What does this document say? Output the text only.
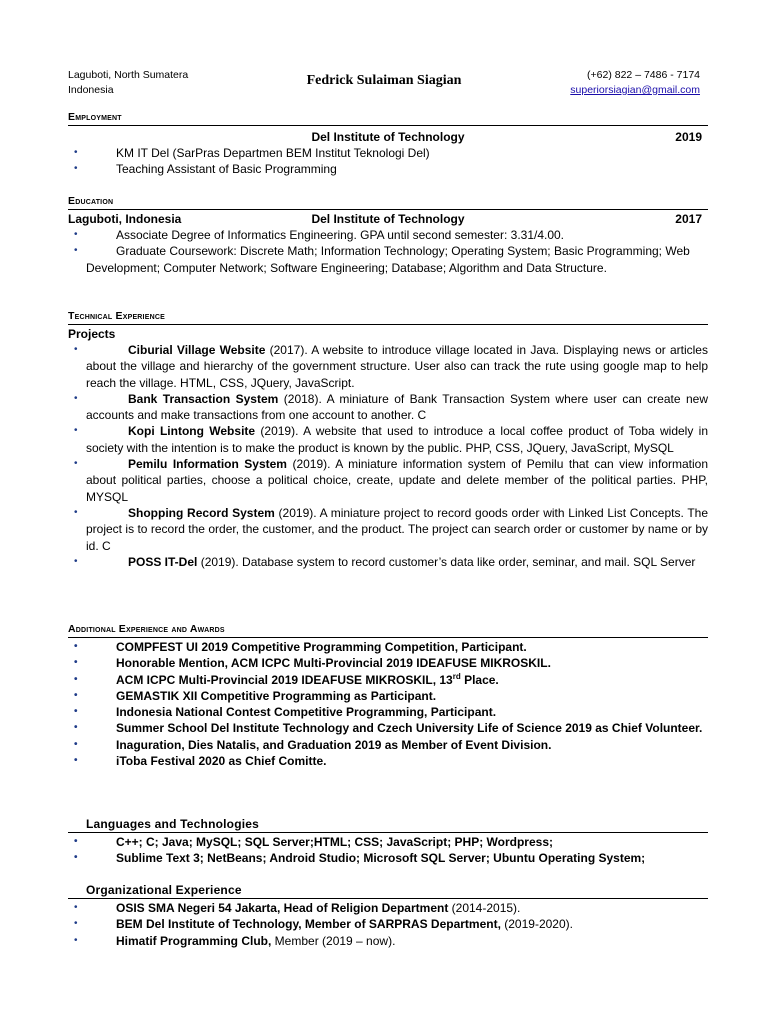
Laguboti, North Sumatera
Indonesia
Fedrick Sulaiman Siagian	(+62) 822 – 7486 - 7174
superiorsiagian@gmail.com
Employment
Del Institute of Technology	2019
•	KM IT Del (SarPras Departmen BEM Institut Teknologi Del)
•	Teaching Assistant of Basic Programming
Education
Laguboti, Indonesia	Del Institute of Technology	2017
•	Associate Degree of Informatics Engineering. GPA until second semester: 3.31/4.00.
•	Graduate Coursework: Discrete Math; Information Technology; Operating System; Basic Programming; Web Development; Computer Network; Software Engineering; Database; Algorithm and Data Structure.
Technical Experience
Projects
•	Ciburial Village Website (2017). A website to introduce village located in Java. Displaying news or articles about the village and hierarchy of the government structure. User also can track the rute using google map to help reach the village. HTML, CSS, JQuery, JavaScript.
•	Bank Transaction System (2018). A miniature of Bank Transaction System where user can create new accounts and make transactions from one account to another. C
•	Kopi Lintong Website (2019). A website that used to introduce a local coffee product of Toba widely in society with the intention is to make the product is known by the public. PHP, CSS, JQuery, JavaScript, MySQL
•	Pemilu Information System (2019). A miniature information system of Pemilu that can view information about political parties, choose a political choice, create, update and delete member of the political parties. PHP, MYSQL
•	Shopping Record System (2019). A miniature project to record goods order with Linked List Concepts. The project is to record the order, the customer, and the product. The project can search order or customer by name or by id. C
•	POSS IT-Del (2019). Database system to record customer’s data like order, seminar, and mail. SQL Server
Additional Experience and Awards
•	COMPFEST UI 2019 Competitive Programming Competition, Participant.
•	Honorable Mention, ACM ICPC Multi-Provincial 2019 IDEAFUSE MIKROSKIL.
•	ACM ICPC Multi-Provincial 2019 IDEAFUSE MIKROSKIL, 13rd Place.
•	GEMASTIK XII Competitive Programming as Participant.
•	Indonesia National Contest Competitive Programming, Participant.
•	Summer School Del Institute Technology and Czech University Life of Science 2019 as Chief Volunteer.
•	Inaguration, Dies Natalis, and Graduation 2019 as Member of Event Division.
•	iToba Festival 2020 as Chief Comitte.
Languages and Technologies
•	C++; C; Java; MySQL; SQL Server;HTML; CSS; JavaScript; PHP; Wordpress;
•	Sublime Text 3; NetBeans; Android Studio; Microsoft SQL Server; Ubuntu Operating System;
Organizational Experience
•	OSIS SMA Negeri 54 Jakarta, Head of Religion Department (2014-2015).
•	BEM Del Institute of Technology, Member of SARPRAS Department, (2019-2020).
•	Himatif Programming Club, Member (2019 – now).
